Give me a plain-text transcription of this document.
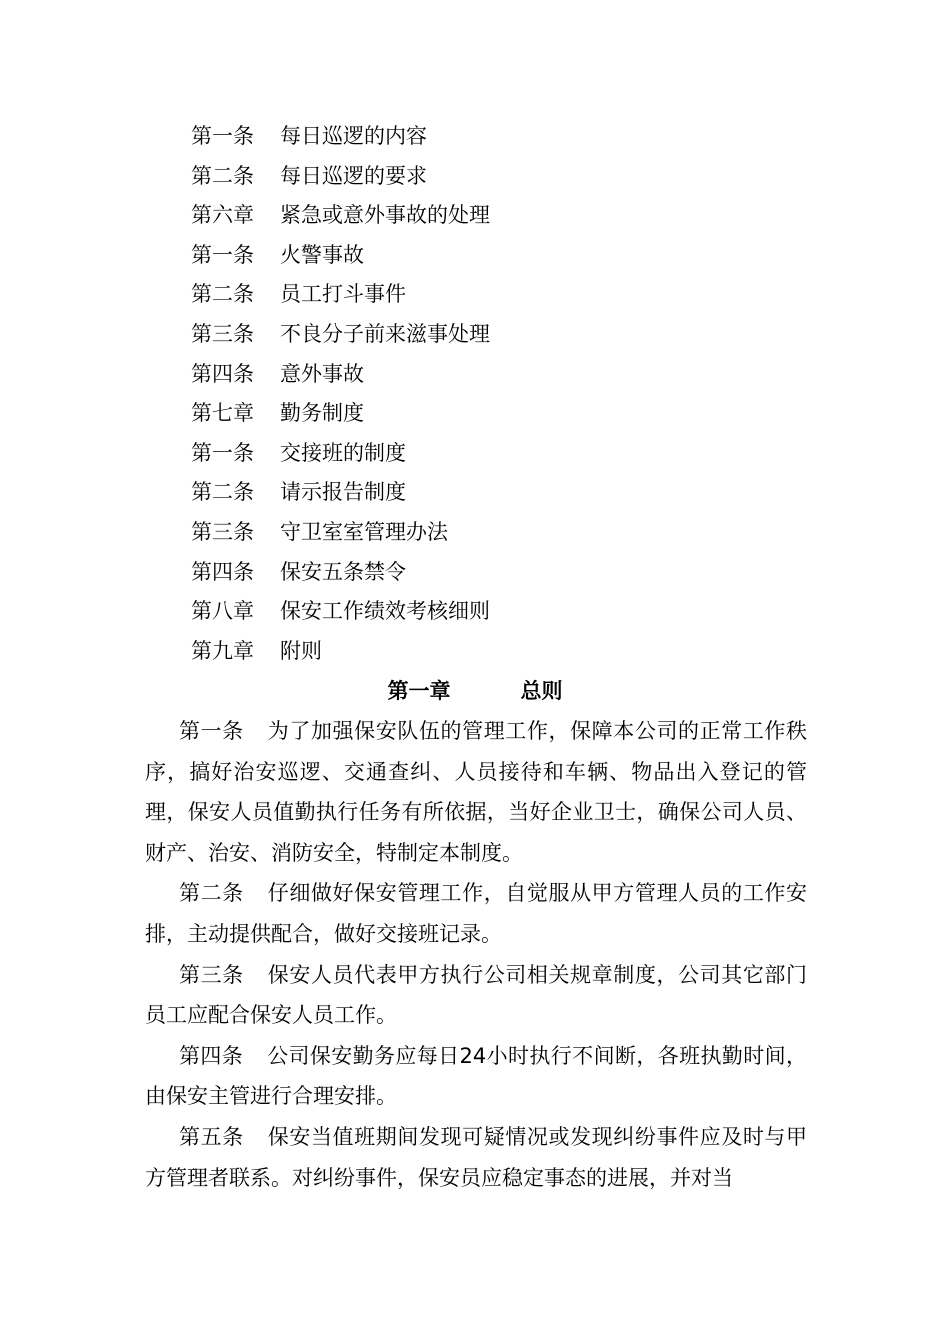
第一条 每日巡逻的内容
第二条 每日巡逻的要求
第六章 紧急或意外事故的处理
第一条 火警事故
第二条 员工打斗事件
第三条 不良分子前来滋事处理
第四条 意外事故
第七章 勤务制度
第一条 交接班的制度
第二条 请示报告制度
第三条 守卫室室管理办法
第四条 保安五条禁令
第八章 保安工作绩效考核细则
第九章 附则
第一章	总则

第一条 为了加强保安队伍的管理工作，保障本公司的正常工作秩序，搞好治安巡逻、交通查纠、人员接待和车辆、物品出入登记的管理，保安人员值勤执行任务有所依据，当好企业卫士，确保公司人员、财产、治安、消防安全，特制定本制度。

第二条 仔细做好保安管理工作，自觉服从甲方管理人员的工作安排，主动提供配合，做好交接班记录。

第三条 保安人员代表甲方执行公司相关规章制度，公司其它部门员工应配合保安人员工作。

第四条 公司保安勤务应每日24小时执行不间断，各班执勤时间，由保安主管进行合理安排。

第五条 保安当值班期间发现可疑情况或发现纠纷事件应及时与甲方管理者联系。对纠纷事件，保安员应稳定事态的进展，并对当
